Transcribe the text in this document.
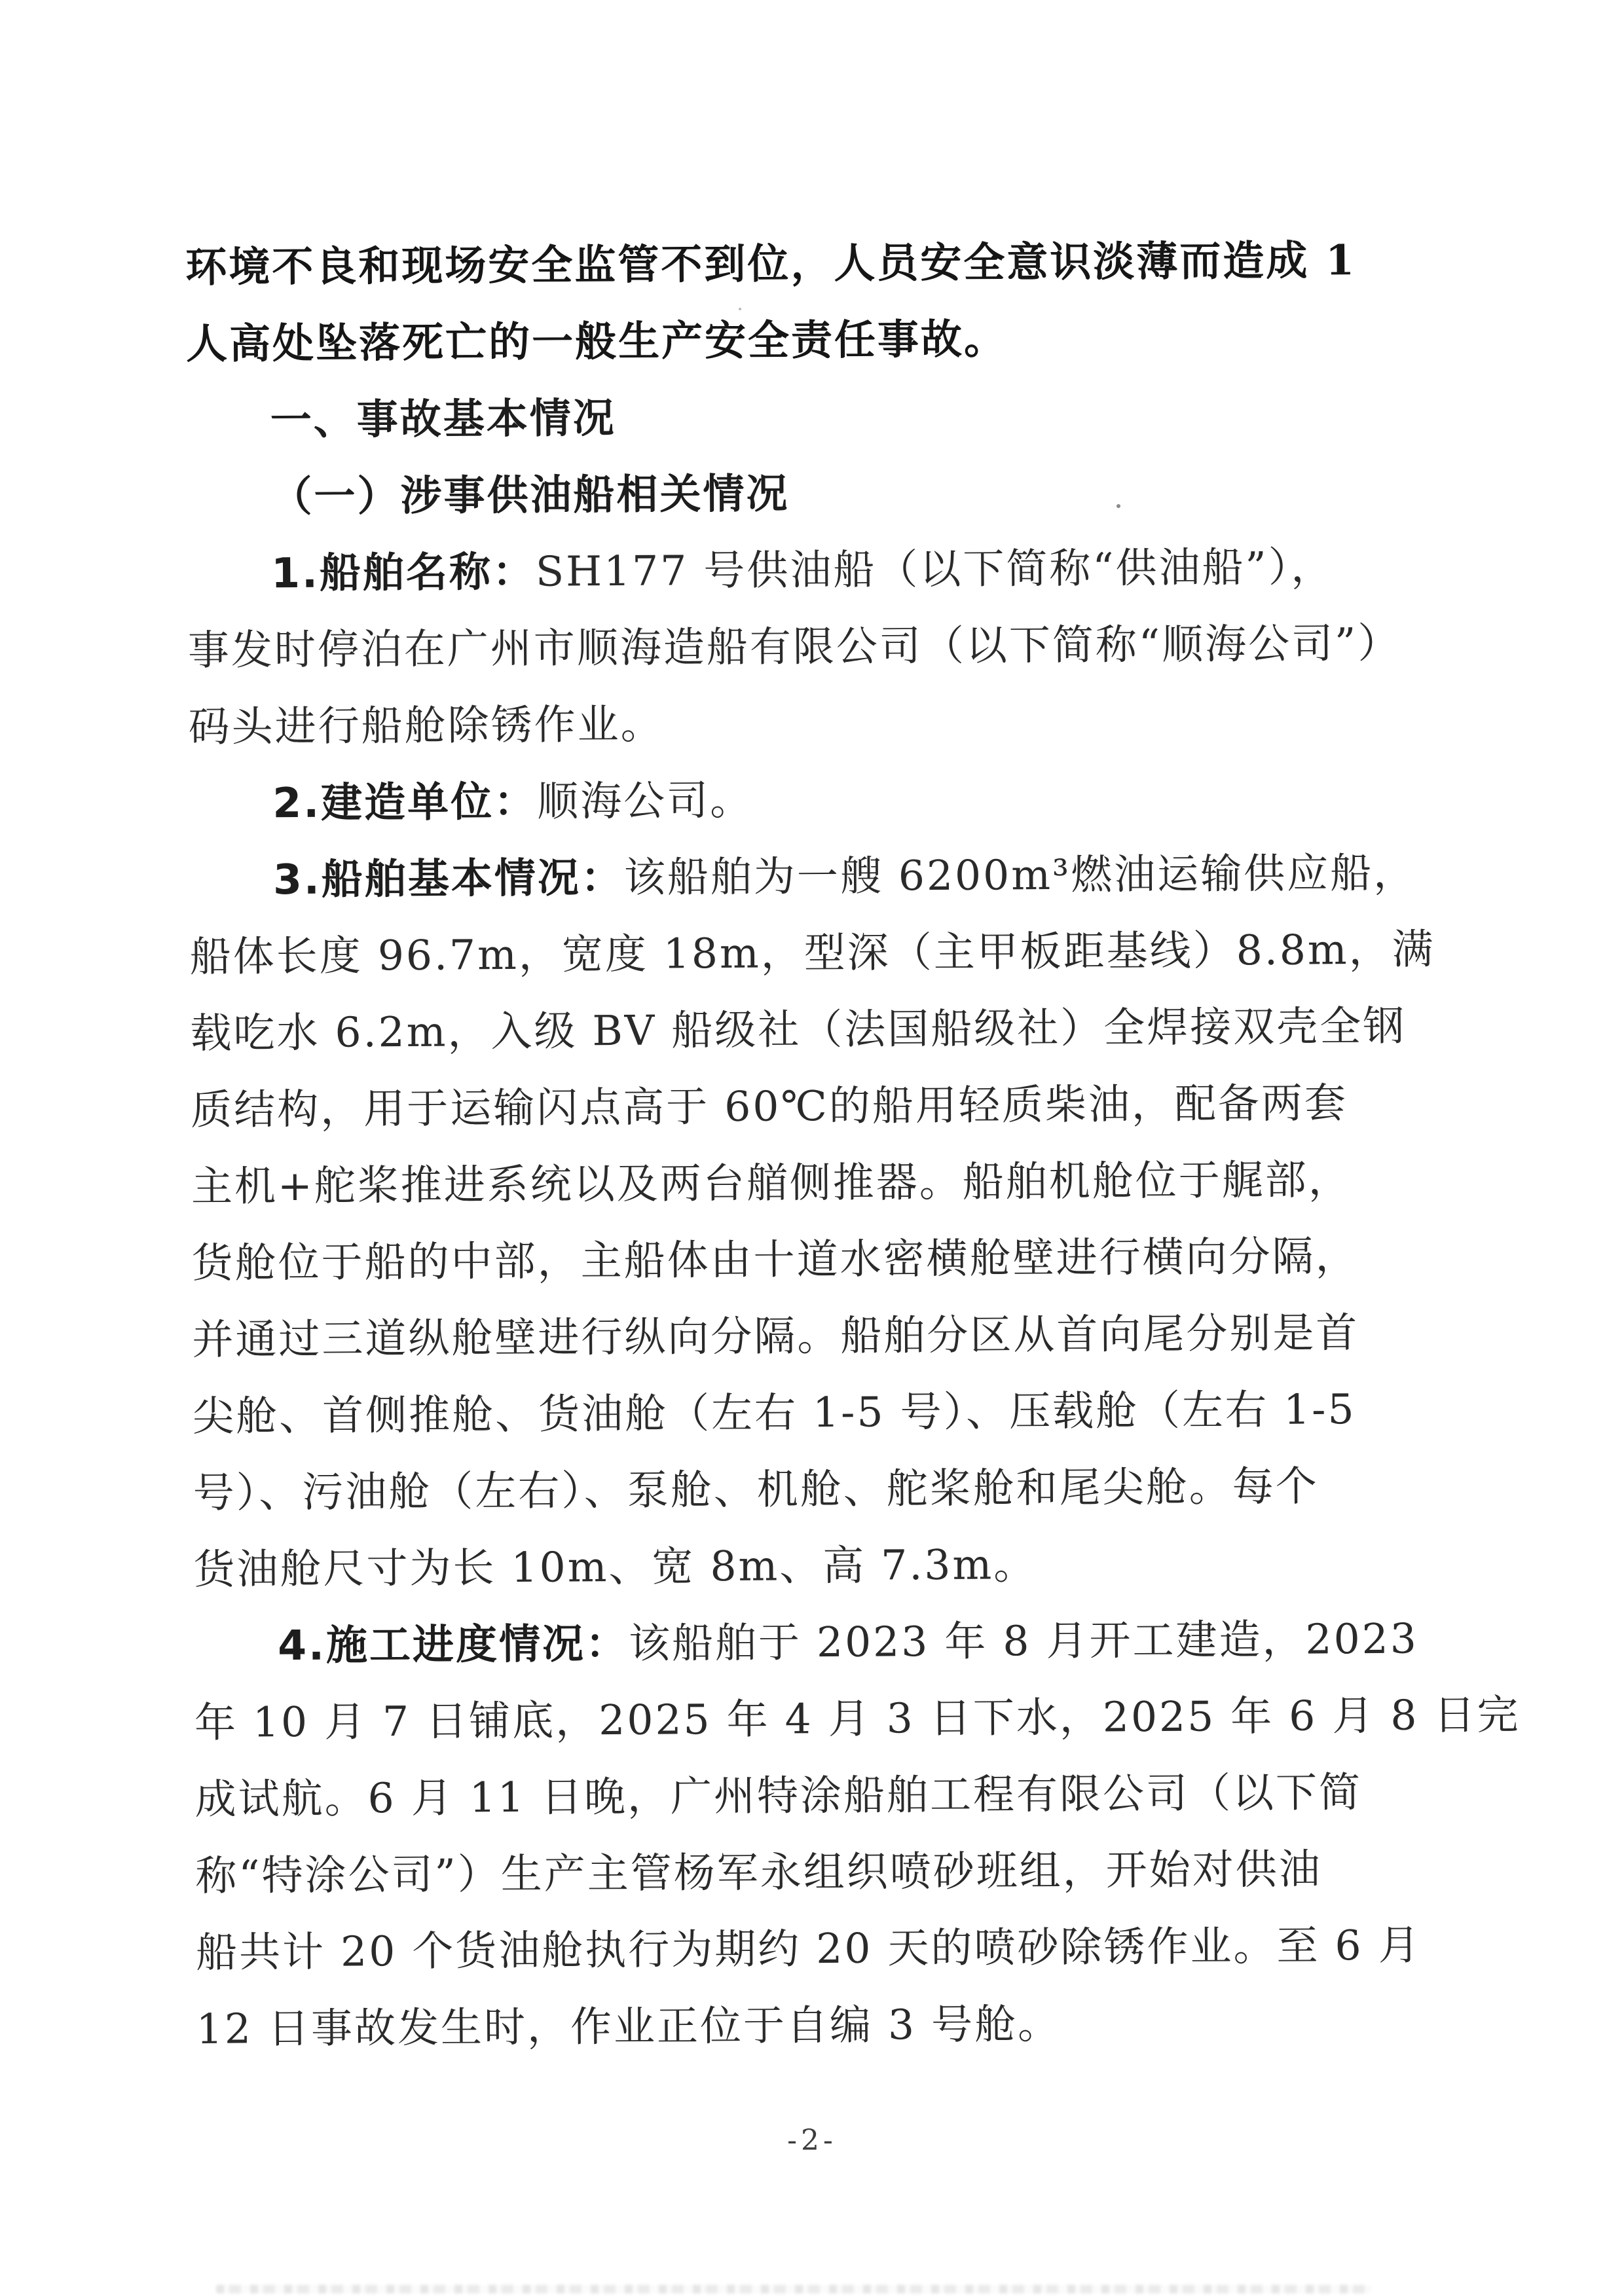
环境不良和现场安全监管不到位，人员安全意识淡薄而造成 1
人高处坠落死亡的一般生产安全责任事故。
一、事故基本情况
（一）涉事供油船相关情况
1.船舶名称：SH177 号供油船（以下简称“供油船”），
事发时停泊在广州市顺海造船有限公司（以下简称“顺海公司”）
码头进行船舱除锈作业。
2.建造单位：顺海公司。
3.船舶基本情况：该船舶为一艘 6200m³燃油运输供应船，
船体长度 96.7m，宽度 18m，型深（主甲板距基线）8.8m，满
载吃水 6.2m，入级 BV 船级社（法国船级社）全焊接双壳全钢
质结构，用于运输闪点高于 60℃的船用轻质柴油，配备两套
主机+舵桨推进系统以及两台艏侧推器。船舶机舱位于艉部，
货舱位于船的中部，主船体由十道水密横舱壁进行横向分隔，
并通过三道纵舱壁进行纵向分隔。船舶分区从首向尾分别是首
尖舱、首侧推舱、货油舱（左右 1-5 号）、压载舱（左右 1-5
号）、污油舱（左右）、泵舱、机舱、舵桨舱和尾尖舱。每个
货油舱尺寸为长 10m、宽 8m、高 7.3m。
4.施工进度情况：该船舶于 2023 年 8 月开工建造，2023
年 10 月 7 日铺底，2025 年 4 月 3 日下水，2025 年 6 月 8 日完
成试航。6 月 11 日晚，广州特涂船舶工程有限公司（以下简
称“特涂公司”）生产主管杨军永组织喷砂班组，开始对供油
船共计 20 个货油舱执行为期约 20 天的喷砂除锈作业。至 6 月
12 日事故发生时，作业正位于自编 3 号舱。
-2-
